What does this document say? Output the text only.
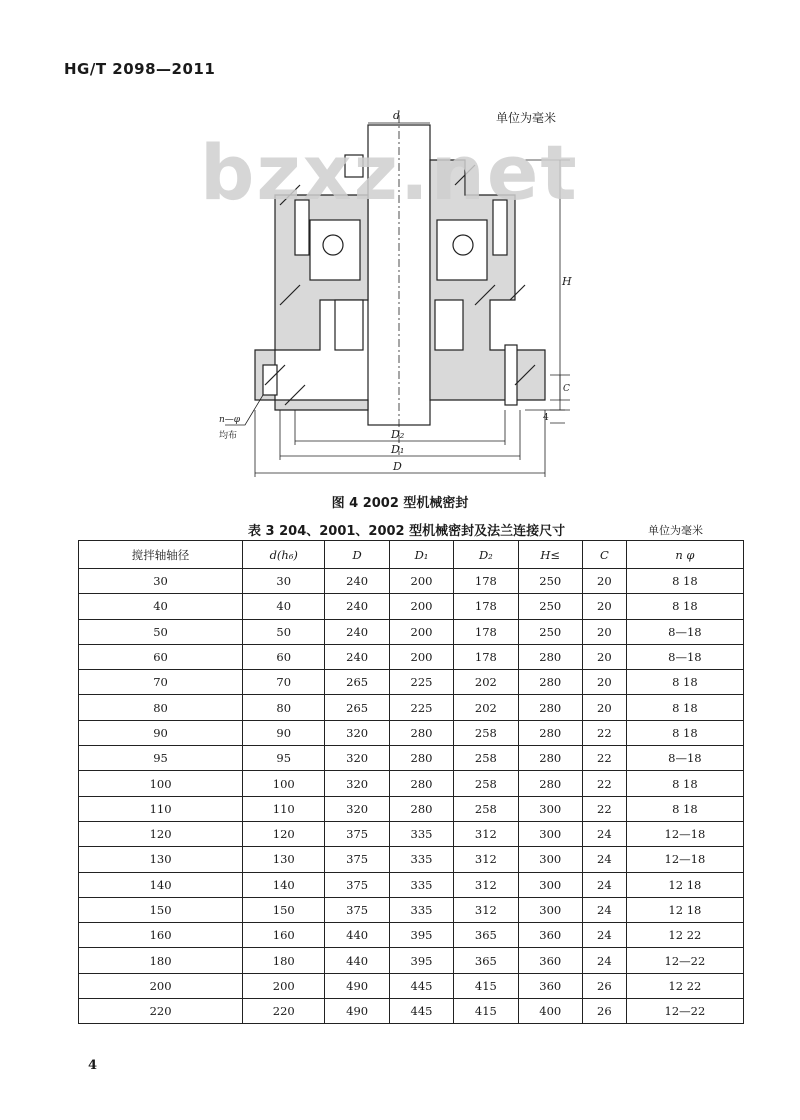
HG/T 2098—2011
单位为毫米
d
H
C
4
D₂
D₁
D
n—φ
均布
bzxz.net
图 4 2002 型机械密封
表 3 204、2001、2002 型机械密封及法兰连接尺寸	单位为毫米
搅拌轴轴径	d(h₆)	D	D₁	D₂	H≤	C	n φ
30	30	240	200	178	250	20	8 18
40	40	240	200	178	250	20	8 18
50	50	240	200	178	250	20	8—18
60	60	240	200	178	280	20	8—18
70	70	265	225	202	280	20	8 18
80	80	265	225	202	280	20	8 18
90	90	320	280	258	280	22	8 18
95	95	320	280	258	280	22	8—18
100	100	320	280	258	280	22	8 18
110	110	320	280	258	300	22	8 18
120	120	375	335	312	300	24	12—18
130	130	375	335	312	300	24	12—18
140	140	375	335	312	300	24	12 18
150	150	375	335	312	300	24	12 18
160	160	440	395	365	360	24	12 22
180	180	440	395	365	360	24	12—22
200	200	490	445	415	360	26	12 22
220	220	490	445	415	400	26	12—22
4
